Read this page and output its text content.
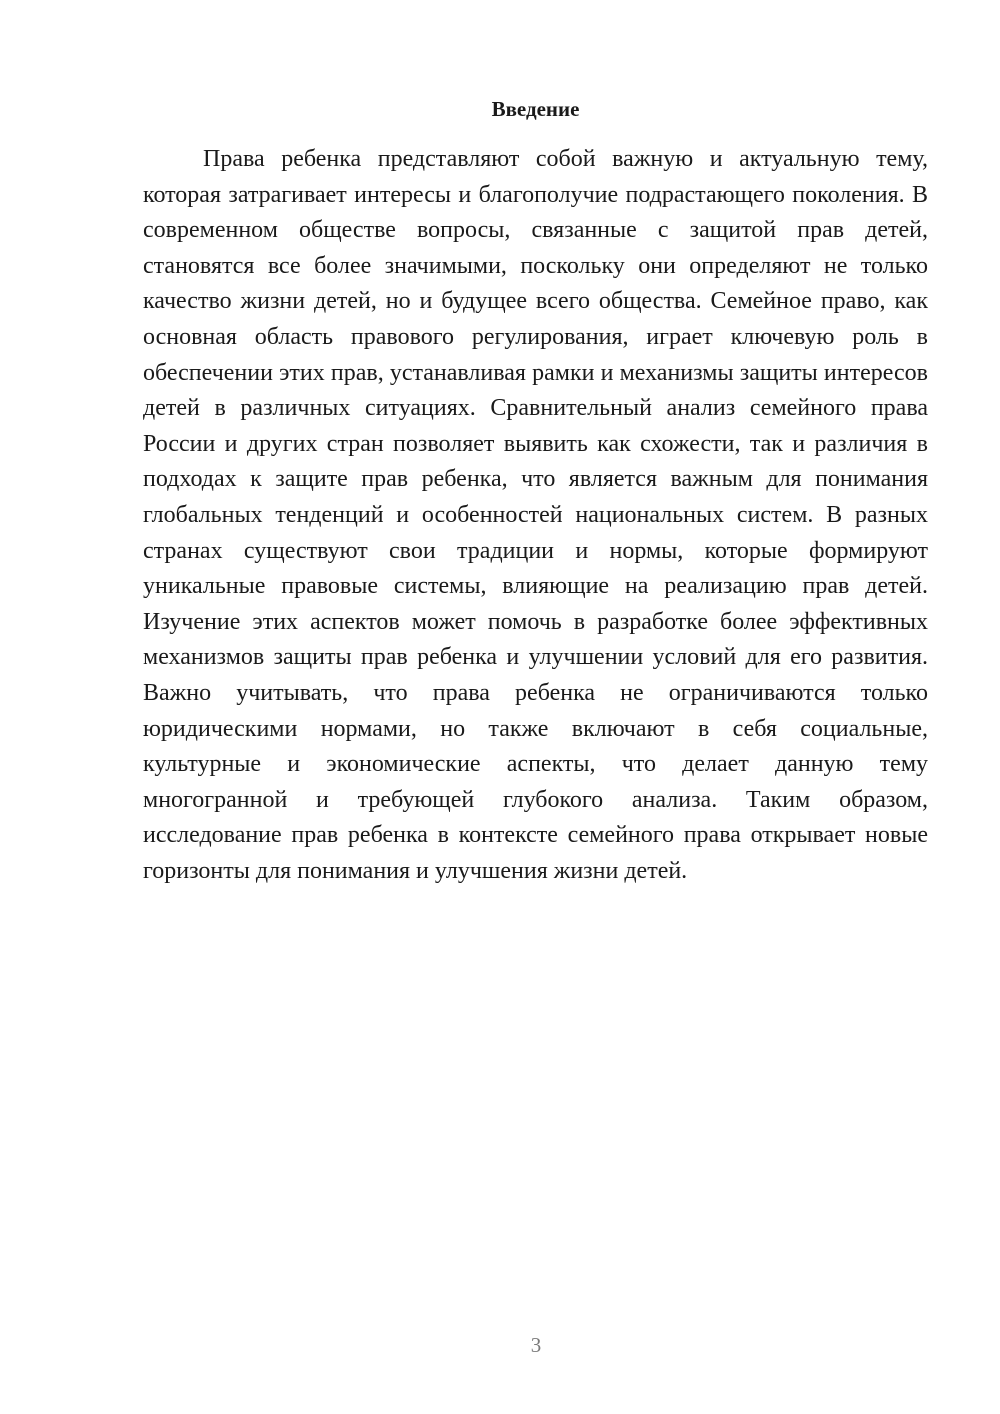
Введение

Права ребенка представляют собой важную и актуальную тему, которая затрагивает интересы и благополучие подрастающего поколения. В современном обществе вопросы, связанные с защитой прав детей, становятся все более значимыми, поскольку они определяют не только качество жизни детей, но и будущее всего общества. Семейное право, как основная область правового регулирования, играет ключевую роль в обеспечении этих прав, устанавливая рамки и механизмы защиты интересов детей в различных ситуациях. Сравнительный анализ семейного права России и других стран позволяет выявить как схожести, так и различия в подходах к защите прав ребенка, что является важным для понимания глобальных тенденций и особенностей национальных систем. В разных странах существуют свои традиции и нормы, которые формируют уникальные правовые системы, влияющие на реализацию прав детей. Изучение этих аспектов может помочь в разработке более эффективных механизмов защиты прав ребенка и улучшении условий для его развития. Важно учитывать, что права ребенка не ограничиваются только юридическими нормами, но также включают в себя социальные, культурные и экономические аспекты, что делает данную тему многогранной и требующей глубокого анализа. Таким образом, исследование прав ребенка в контексте семейного права открывает новые горизонты для понимания и улучшения жизни детей.

3
